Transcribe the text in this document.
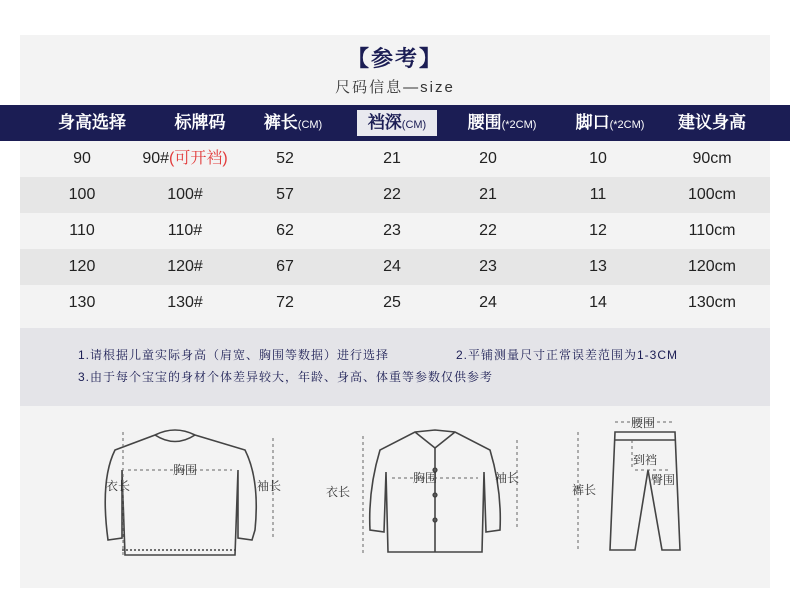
【参考】
尺码信息—size
身高选择	标牌码	裤长(CM)	裆深(CM)	腰围(*2CM)	脚口(*2CM)	建议身高
90	90#(可开裆)	52	21	20	10	90cm
100	100#	57	22	21	11	100cm
110	110#	62	23	22	12	110cm
120	120#	67	24	23	13	120cm
130	130#	72	25	24	14	130cm
1.请根据儿童实际身高（肩宽、胸围等数据）进行选择	2.平铺测量尺寸正常误差范围为1-3CM
3.由于每个宝宝的身材个体差异较大，年龄、身高、体重等参数仅供参考
衣长
胸围
袖长	衣长
胸围	袖长
腰围
到裆
臀围
裤长
